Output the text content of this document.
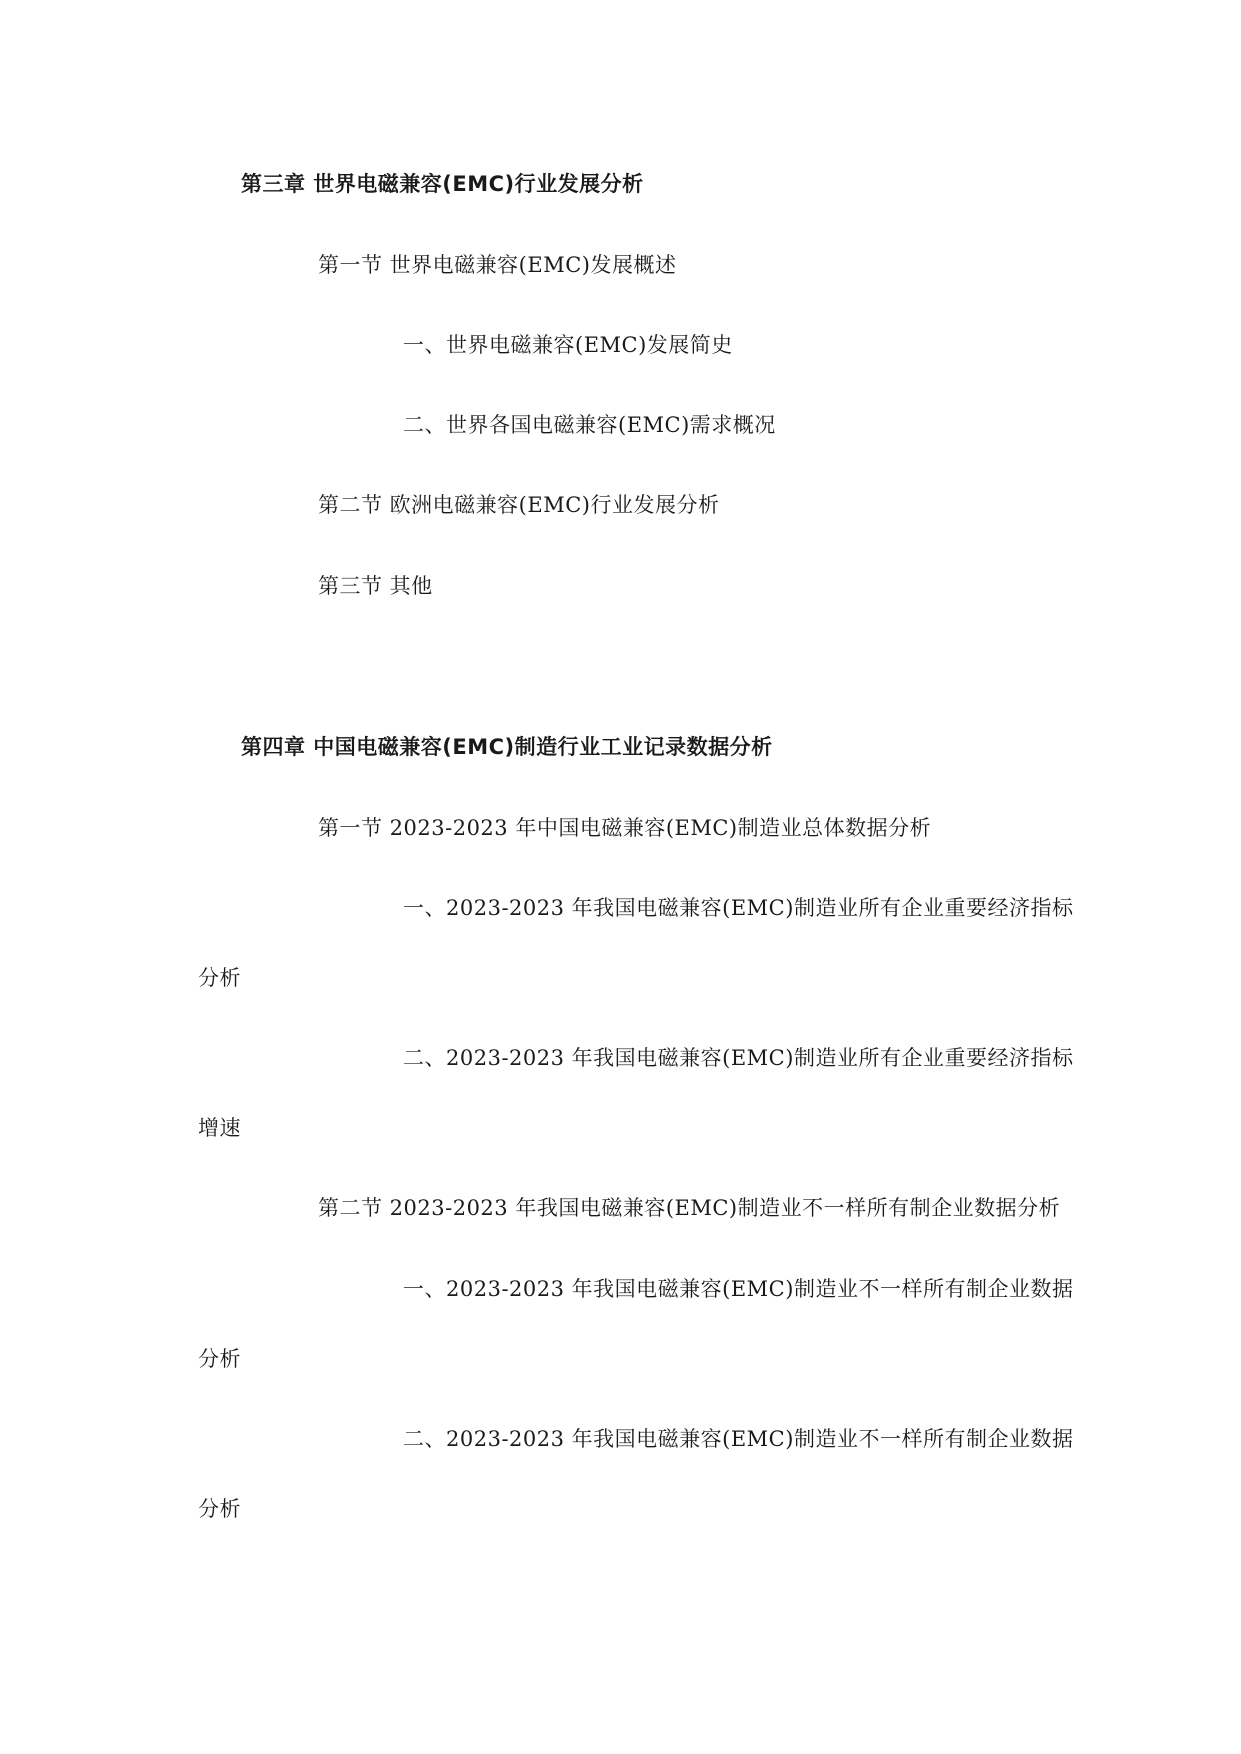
第三章 世界电磁兼容(EMC)行业发展分析
第一节 世界电磁兼容(EMC)发展概述
一、世界电磁兼容(EMC)发展简史
二、世界各国电磁兼容(EMC)需求概况
第二节 欧洲电磁兼容(EMC)行业发展分析
第三节 其他
第四章 中国电磁兼容(EMC)制造行业工业记录数据分析
第一节 2023-2023 年中国电磁兼容(EMC)制造业总体数据分析
一、2023-2023 年我国电磁兼容(EMC)制造业所有企业重要经济指标
分析
二、2023-2023 年我国电磁兼容(EMC)制造业所有企业重要经济指标
增速
第二节 2023-2023 年我国电磁兼容(EMC)制造业不一样所有制企业数据分析
一、2023-2023 年我国电磁兼容(EMC)制造业不一样所有制企业数据
分析
二、2023-2023 年我国电磁兼容(EMC)制造业不一样所有制企业数据
分析
